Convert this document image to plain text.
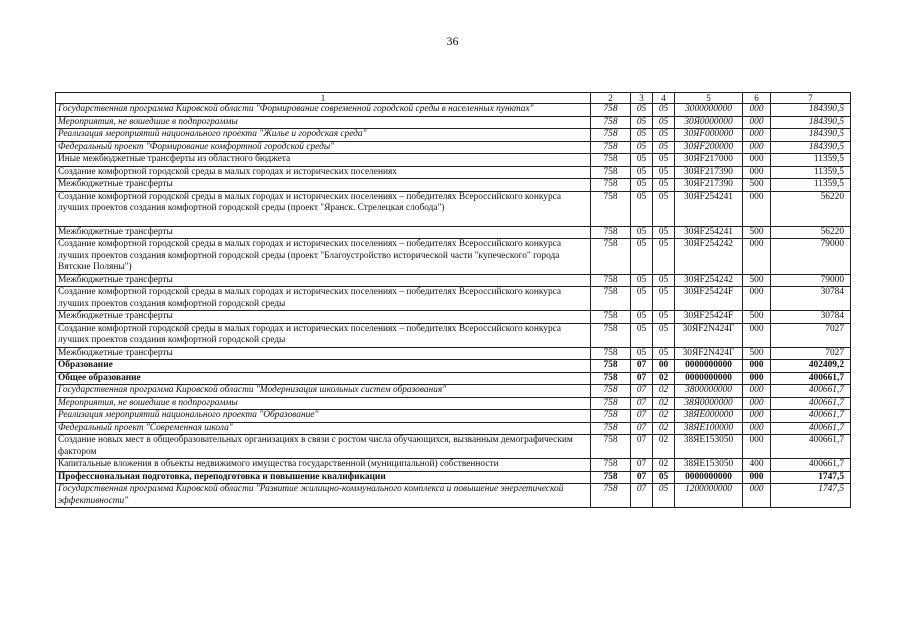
36
1	2	3	4	5	6	7
Государственная программа Кировской области "Формирование современной городской среды в населенных пунктах"	758	05	05	3000000000	000	184390,5
Мероприятия, не вошедшие в подпрограммы	758	05	05	30Я0000000	000	184390,5
Реализация мероприятий национального проекта "Жилье и городская среда"	758	05	05	30ЯF000000	000	184390,5
Федеральный проект "Формирование комфортной городской среды"	758	05	05	30ЯF200000	000	184390,5
Иные межбюджетные трансферты из областного бюджета	758	05	05	30ЯF217000	000	11359,5
Создание комфортной городской среды в малых городах и исторических поселениях	758	05	05	30ЯF217390	000	11359,5
Межбюджетные трансферты	758	05	05	30ЯF217390	500	11359,5
Создание комфортной городской среды в малых городах и исторических поселениях – победителях Всероссийского конкурса лучших проектов создания комфортной городской среды (проект "Яранск. Стрелецкая слобода")	758	05	05	30ЯF254241	000	56220
Межбюджетные трансферты	758	05	05	30ЯF254241	500	56220
Создание комфортной городской среды в малых городах и исторических поселениях – победителях Всероссийского конкурса лучших проектов создания комфортной городской среды (проект "Благоустройство исторической части "купеческого" города Вятские Поляны")	758	05	05	30ЯF254242	000	79000
Межбюджетные трансферты	758	05	05	30ЯF254242	500	79000
Создание комфортной городской среды в малых городах и исторических поселениях – победителях Всероссийского конкурса лучших проектов создания комфортной городской среды	758	05	05	30ЯF25424F	000	30784
Межбюджетные трансферты	758	05	05	30ЯF25424F	500	30784
Создание комфортной городской среды в малых городах и исторических поселениях – победителях Всероссийского конкурса лучших проектов создания комфортной городской среды	758	05	05	30ЯF2N424Г	000	7027
Межбюджетные трансферты	758	05	05	30ЯF2N424Г	500	7027
Образование	758	07	00	0000000000	000	402409,2
Общее образование	758	07	02	0000000000	000	400661,7
Государственная программа Кировской области "Модернизация школьных систем образования"	758	07	02	3800000000	000	400661,7
Мероприятия, не вошедшие в подпрограммы	758	07	02	38Я0000000	000	400661,7
Реализация мероприятий национального проекта "Образование"	758	07	02	38ЯE000000	000	400661,7
Федеральный проект "Современная школа"	758	07	02	38ЯE100000	000	400661,7
Создание новых мест в общеобразовательных организациях в связи с ростом числа обучающихся, вызванным демографическим фактором	758	07	02	38ЯE153050	000	400661,7
Капитальные вложения в объекты недвижимого имущества государственной (муниципальной) собственности	758	07	02	38ЯE153050	400	400661,7
Профессиональная подготовка, переподготовка и повышение квалификации	758	07	05	0000000000	000	1747,5
Государственная программа Кировской области "Развитие жилищно-коммунального комплекса и повышение энергетической эффективности"	758	07	05	1200000000	000	1747,5
